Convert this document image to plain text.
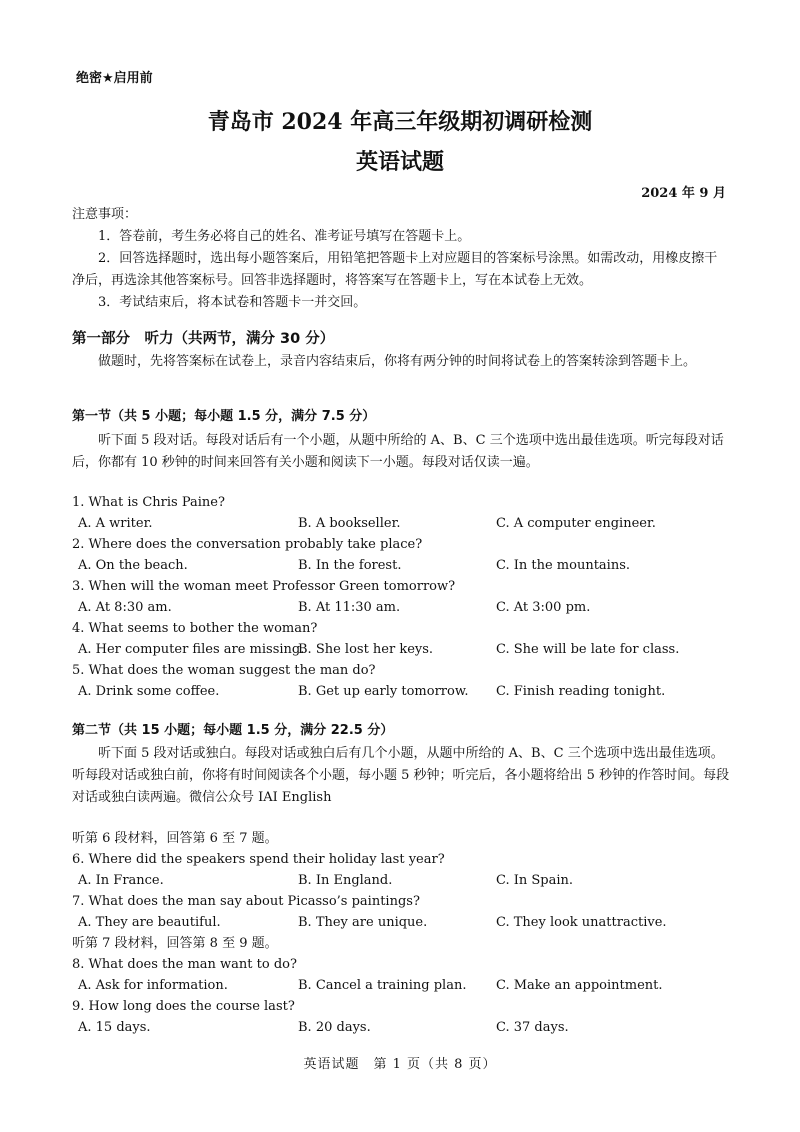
绝密★启用前
青岛市 2024 年高三年级期初调研检测
英语试题
2024 年 9 月
注意事项：
1．答卷前，考生务必将自己的姓名、准考证号填写在答题卡上。
2．回答选择题时，选出每小题答案后，用铅笔把答题卡上对应题目的答案标号涂黑。如需改动，用橡皮擦干净后，再选涂其他答案标号。回答非选择题时，将答案写在答题卡上，写在本试卷上无效。
3．考试结束后，将本试卷和答题卡一并交回。
第一部分　听力（共两节，满分 30 分）
做题时，先将答案标在试卷上，录音内容结束后，你将有两分钟的时间将试卷上的答案转涂到答题卡上。
第一节（共 5 小题；每小题 1.5 分，满分 7.5 分）
听下面 5 段对话。每段对话后有一个小题，从题中所给的 A、B、C 三个选项中选出最佳选项。听完每段对话后，你都有 10 秒钟的时间来回答有关小题和阅读下一小题。每段对话仅读一遍。
1. What is Chris Paine?
A. A writer.	B. A bookseller.	C. A computer engineer.
2. Where does the conversation probably take place?
A. On the beach.	B. In the forest.	C. In the mountains.
3. When will the woman meet Professor Green tomorrow?
A. At 8:30 am.	B. At 11:30 am.	C. At 3:00 pm.
4. What seems to bother the woman?
A. Her computer files are missing.
B. She lost her keys.	C. She will be late for class.
5. What does the woman suggest the man do?
A. Drink some coffee.	B. Get up early tomorrow. C. Finish reading tonight.
第二节（共 15 小题；每小题 1.5 分，满分 22.5 分）
听下面 5 段对话或独白。每段对话或独白后有几个小题，从题中所给的 A、B、C 三个选项中选出最佳选项。听每段对话或独白前，你将有时间阅读各个小题，每小题 5 秒钟；听完后，各小题将给出 5 秒钟的作答时间。每段对话或独白读两遍。微信公众号 IAI English
听第 6 段材料，回答第 6 至 7 题。
6. Where did the speakers spend their holiday last year?
A. In France.	B. In England.	C. In Spain.
7. What does the man say about Picasso’s paintings?
A. They are beautiful.	B. They are unique.	C. They look unattractive.
听第 7 段材料，回答第 8 至 9 题。
8. What does the man want to do?
A. Ask for information.	B. Cancel a training plan. C. Make an appointment.
9. How long does the course last?
A. 15 days.	B. 20 days.	C. 37 days.
英语试题　第 1 页（共 8 页）
